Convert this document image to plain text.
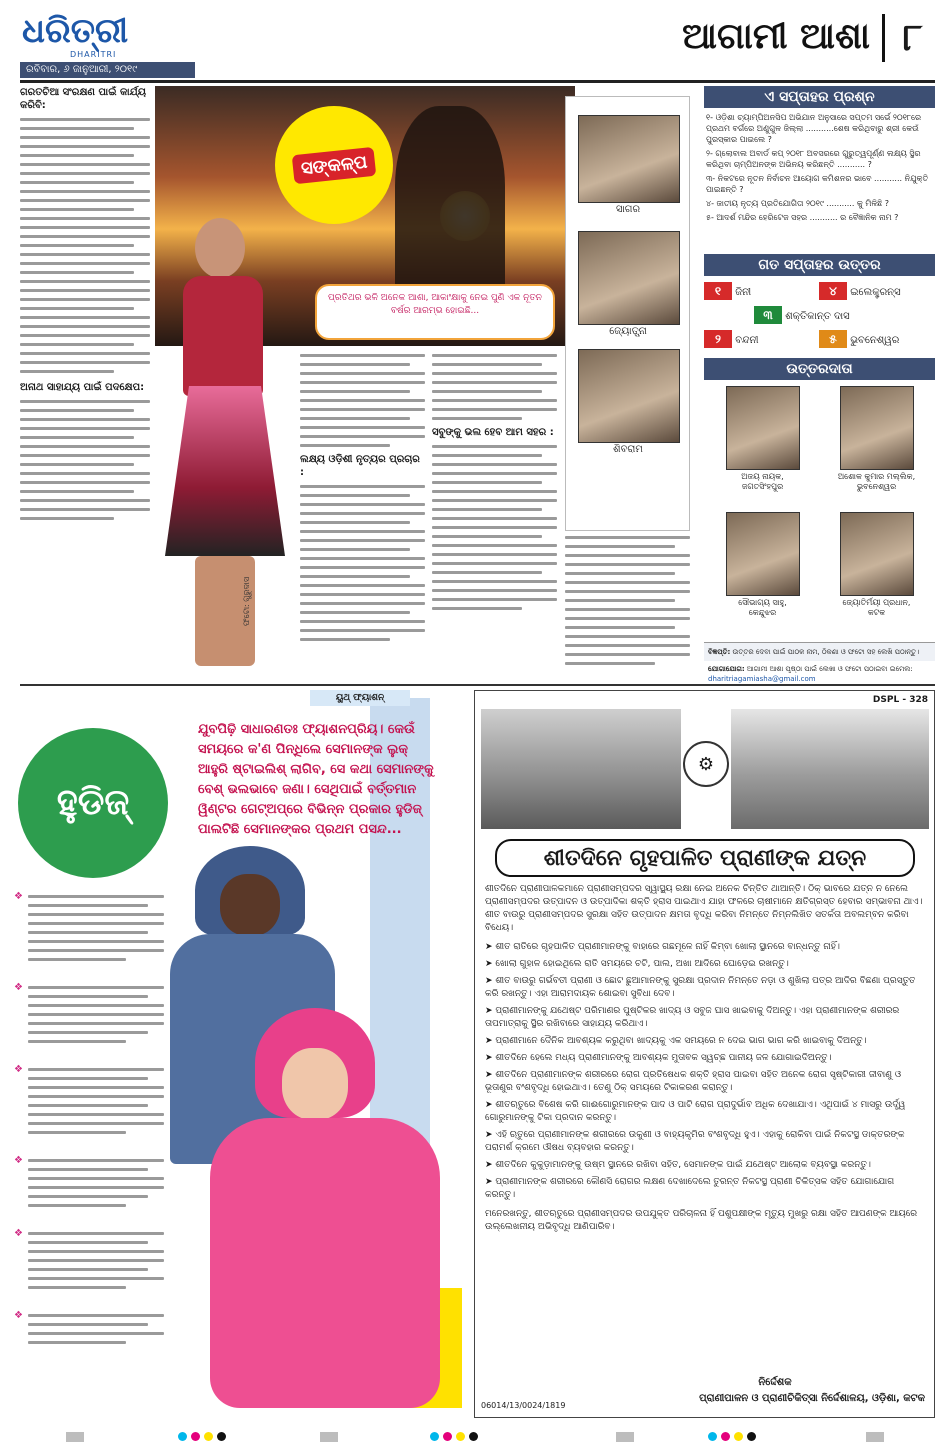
ଧରିତ୍ରୀ
DHARITRI
ରବିବାର, ୬ ଜାନୁଆରୀ, ୨୦୧୯
ଆଗାମୀ ଆଶା ୮
ସଙ୍କଳ୍ପ
ଫଟୋ: ଗୁରୁଦାସ
ପ୍ରତିଥର ଭଳି ଅନେକ ଆଶା, ଆକାଂକ୍ଷାକୁ ନେଇ ପୁଣି ଏକ ନୂତନ ବର୍ଷର ଆରମ୍ଭ ହୋଇଛି...
ସାଗର
ଜ୍ୟୋତ୍ସ୍ନା
ଶିବରାମ
ଗରତଚିଆ ସଂରକ୍ଷଣ ପାଇଁ କାର୍ଯ୍ୟ କରିବି:
ଅନାଥ ସାହାଯ୍ୟ ପାଇଁ ପଦକ୍ଷେପ:
ଲକ୍ଷ୍ୟ ଓଡ଼ିଶୀ ନୃତ୍ୟର ପ୍ରଚାର :
ସବୁଙ୍କୁ ଭଲ ହେବ ଆମ ସହର :
ଏ ସପ୍ତାହର ପ୍ରଶ୍ନ
୧- ଓଡ଼ିଶା ଚ୍ୟାମ୍ପିଅନସିପ ଅଭିଯାନ ଅନୁସାରେ ସପ୍ତମ ସର୍ଭେ ୨୦୧୮ରେ ପ୍ରଥମ ବର୍ଗରେ ଅଣୁଗୁଳ ଜିଲ୍ଲା ...........ଶେଷ କରିଥିବାରୁ ଶ୍ରୀ କେଉଁ ପୁରସ୍କାର ପାଇଲେ ?
୨- ଗ୍ଲୋବାଲ ଅବାର୍ଡ କପ୍ ୨୦୧୮ ଅବସରରେ ଗୁରୁତ୍ୱପୂର୍ଣ୍ଣ ଲକ୍ଷ୍ୟ ସ୍ଥିର କରିଥିବା ଚାମ୍ପିଅନଙ୍କ ଅଭିନୟ କରିଛନ୍ତି ........... ?
୩- ନିକଟରେ ନୂତନ ନିର୍ବାଚନ ଆୟୋଗ କମିଶନର ଭାବେ ........... ନିଯୁକ୍ତି ପାଇଛନ୍ତି ?
୪- ଜାତୀୟ ନୃତ୍ୟ ପ୍ରତିଯୋଗିତା ୨୦୧୯ ........... କୁ ମିଳିଛି ?
୫- ଆଦର୍ଶ ମନ୍ଦିର ହେରିଟେଜ ସହର ........... ର ବୈଜ୍ଞାନିକ ନାମ ?
ଗତ ସପ୍ତାହର ଉତ୍ତର
୧ ଜିନୀ	୪ ଇଲେକ୍ଟ୍ରନ୍ସ
୩ ଶକ୍ତିକାନ୍ତ ଦାସ
୨ ବନ୍ଦନୀ	୫ ଭୁବନେଶ୍ୱର
ଉତ୍ତରଦାତା
ଅଜୟ ନାୟକ,
ଜଗତସିଂହପୁର
ଅଶୋକ କୁମାର ମଲ୍ଲିକ,
ଭୁବନେଶ୍ୱର
ସୌଭାଗ୍ୟ ସାହୁ,
କେନ୍ଦୁଝର
ଜ୍ୟୋତିର୍ମୟୀ ପ୍ରଧାନ,
କଟକ
ବିଜ୍ଞପ୍ତି: ଉତ୍ତର ଦେବା ପାଇଁ ପାଠକ ନାମ, ଠିକଣା ଓ ଫଟୋ ସହ ଲେଖି ପଠାନ୍ତୁ।
ଯୋଗାଯୋଗ: ଆଗାମୀ ଆଶା ପୃଷ୍ଠା ପାଇଁ ଲେଖା ଓ ଫଟୋ ପଠାଇବା ଇମେଲ: dharitriagamiasha@gmail.com
ୟୁଥ୍ ଫ୍ୟାଶନ୍
ହୁଡିଜ୍
ଯୁବପିଢ଼ି ସାଧାରଣତଃ ଫ୍ୟାଶନପ୍ରିୟ। କେଉଁ ସମୟରେ କ'ଣ ପିନ୍ଧିଲେ ସେମାନଙ୍କ ଲୁକ୍ ଆହୁରି ଷ୍ଟାଇଲିଶ୍ ଲାଗିବ, ସେ କଥା ସେମାନଙ୍କୁ ବେଶ୍ ଭଲଭାବେ ଜଣା। ସେଥିପାଇଁ ବର୍ତ୍ତମାନ ୱିଣ୍ଟର ଗେଟ୍‌ଅପ୍‌ରେ ବିଭିନ୍ନ ପ୍ରକାର ହୁଡିଜ୍ ପାଲଟିଛି ସେମାନଙ୍କର ପ୍ରଥମ ପସନ୍ଦ...
❖
❖
❖
❖
❖
❖
DSPL - 328
⚙
ଶୀତଦିନେ ଗୃହପାଳିତ ପ୍ରାଣୀଙ୍କ ଯତ୍ନ
ଶୀତଦିନେ ପ୍ରାଣୀପାଳକମାନେ ପ୍ରାଣୀସମ୍ପଦର ସ୍ୱାସ୍ଥ୍ୟ ରକ୍ଷା ନେଇ ଅନେକ ଚିନ୍ତିତ ଥାଆନ୍ତି। ଠିକ୍ ଭାବରେ ଯତ୍ନ ନ ନେଲେ ପ୍ରାଣୀସମ୍ପଦର ଉତ୍ପାଦନ ଓ ଉତ୍ପାଦିକା ଶକ୍ତି ହ୍ରାସ ପାଇଥାଏ ଯାହା ଫଳରେ ଚାଷୀମାନେ କ୍ଷତିଗ୍ରସ୍ତ ହେବାର ସମ୍ଭାବନା ଥାଏ। ଶୀତ ବାଉରୁ ପ୍ରାଣୀସମ୍ପଦର ସୁରକ୍ଷା ସହିତ ଉତ୍ପାଦନ କ୍ଷମତା ବୃଦ୍ଧି କରିବା ନିମନ୍ତେ ନିମ୍ନଲିଖିତ ସତର୍କତା ଅବଲମ୍ବନ କରିବା ବିଧେୟ।
➤ ଶୀତ ରାତିରେ ଗୃହପାଳିତ ପ୍ରାଣୀମାନଙ୍କୁ ବାହାରେ ଗଛମୂଳେ ନାହିଁ କିମ୍ବା ଖୋଲା ସ୍ଥାନରେ ବାନ୍ଧନ୍ତୁ ନାହିଁ।
➤ ଖୋଲା ଗୁହାଳ ହୋଇଥିଲେ ରାତି ସମୟରେ ଚଟି, ପାଲ, ଅଖା ଆଦିରେ ଘୋଡ଼େଇ ରଖନ୍ତୁ।
➤ ଶୀତ ବାଉରୁ ଗର୍ଭବତୀ ପ୍ରାଣୀ ଓ ଛୋଟ ଛୁଆମାନଙ୍କୁ ସୁରକ୍ଷା ପ୍ରଦାନ ନିମନ୍ତେ ନଡ଼ା ଓ ଶୁଖିଲା ପତ୍ର ଆଦିର ବିଛଣା ପ୍ରସ୍ତୁତ କରି ରଖନ୍ତୁ। ଏହା ଆରାମଦାୟକ ଶୋଇବା ସୁବିଧା ଦେବ।
➤ ପ୍ରାଣୀମାନଙ୍କୁ ଯଥେଷ୍ଟ ପରିମାଣର ପୁଷ୍ଟିକର ଖାଦ୍ୟ ଓ ସବୁଜ ଘାସ ଖାଇବାକୁ ଦିଅନ୍ତୁ। ଏହା ପ୍ରାଣୀମାନଙ୍କ ଶରୀରର ତାପମାତ୍ରାକୁ ସ୍ଥିର ରଖିବାରେ ସାହାଯ୍ୟ କରିଥାଏ।
➤ ପ୍ରାଣୀମାନେ ଦୈନିକ ଆବଶ୍ୟକ କରୁଥିବା ଖାଦ୍ୟକୁ ଏକ ସମୟରେ ନ ଦେଇ ଭାଗ ଭାଗ କରି ଖାଇବାକୁ ଦିଅନ୍ତୁ।
➤ ଶୀତଦିନେ ହେଲେ ମଧ୍ୟ ପ୍ରାଣୀମାନଙ୍କୁ ଆବଶ୍ୟକ ମୁତାବକ ସ୍ୱଚ୍ଛ ପାନୀୟ ଜଳ ଯୋଗାଇଦିଅନ୍ତୁ।
➤ ଶୀତଦିନେ ପ୍ରାଣୀମାନଙ୍କ ଶରୀରରେ ରୋଗ ପ୍ରତିଷେଧକ ଶକ୍ତି ହ୍ରାସ ପାଇବା ସହିତ ଅନେକ ରୋଗ ସୃଷ୍ଟିକାରୀ ଜୀବାଣୁ ଓ ଭୂତାଣୁର ବଂଶବୃଦ୍ଧି ହୋଇଥାଏ। ତେଣୁ ଠିକ୍ ସମୟରେ ଟିକାକରଣ କରାନ୍ତୁ।
➤ ଶୀତଋତୁରେ ବିଶେଷ କରି ଗାଈଗୋରୁମାନଙ୍କ ପାଦ ଓ ପାଟି ରୋଗ ପ୍ରାଦୁର୍ଭାବ ଅଧିକ ଦେଖାଯାଏ। ଏଥିପାଇଁ ୪ ମାସରୁ ଉର୍ଦ୍ଧ୍ୱ ଗୋରୁମାନଙ୍କୁ ଟିକା ପ୍ରଦାନ କରନ୍ତୁ।
➤ ଏହି ଋତୁରେ ପ୍ରାଣୀମାନଙ୍କ ଶରୀରରେ ଉକୁଣୀ ଓ ବାହ୍ୟକୃମିର ବଂଶବୃଦ୍ଧି ହୁଏ। ଏହାକୁ ରୋକିବା ପାଇଁ ନିକଟସ୍ଥ ଡାକ୍ତରଙ୍କ ପରାମର୍ଶ କ୍ରମେ ଔଷଧ ବ୍ୟବହାର କରନ୍ତୁ।
➤ ଶୀତଦିନେ କୁକୁଡ଼ାମାନଙ୍କୁ ଉଷ୍ମ ସ୍ଥାନରେ ରଖିବା ସହିତ, ସେମାନଙ୍କ ପାଇଁ ଯଥେଷ୍ଟ ଆଲୋକ ବ୍ୟବସ୍ଥା କରନ୍ତୁ।
➤ ପ୍ରାଣୀମାନଙ୍କ ଶରୀରରେ କୌଣସି ରୋଗର ଲକ୍ଷଣ ଦେଖାଦେଲେ ତୁରନ୍ତ ନିକଟସ୍ଥ ପ୍ରାଣୀ ଚିକିତ୍ସକ ସହିତ ଯୋଗାଯୋଗ କରନ୍ତୁ।
ମନେରଖନ୍ତୁ, ଶୀତଋତୁରେ ପ୍ରାଣୀସମ୍ପଦର ଉପଯୁକ୍ତ ପରିଚାଳନା ହିଁ ପଶୁପକ୍ଷୀଙ୍କ ମୃତ୍ୟୁ ମୁଖରୁ ରକ୍ଷା ସହିତ ଆପଣଙ୍କ ଆୟରେ ଉଲ୍ଲେଖନୀୟ ଅଭିବୃଦ୍ଧି ଆଣିପାରିବ।
ନିର୍ଦ୍ଦେଶକ
ପ୍ରାଣୀପାଳନ ଓ ପ୍ରାଣୀଚିକିତ୍ସା ନିର୍ଦ୍ଦେଶାଳୟ, ଓଡ଼ିଶା, କଟକ
06014/13/0024/1819
